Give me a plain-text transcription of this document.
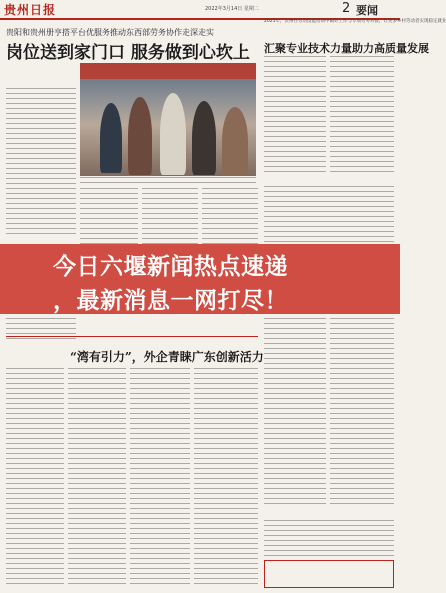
贵州日报	2022年3月14日 星期二	2 要闻
贵阳和贵州册亨搭平台优服务推动东西部劳务协作走深走实
岗位送到家门口 服务做到心坎上
2021年，贵州在劳动技能培训中做好工作与专项劳务对接，让更多乡村劳动者实现稳定就业
汇聚专业技术力量助力高质量发展
今日六堰新闻热点速递
，最新消息一网打尽！
“湾有引力”，外企青睐广东创新活力
